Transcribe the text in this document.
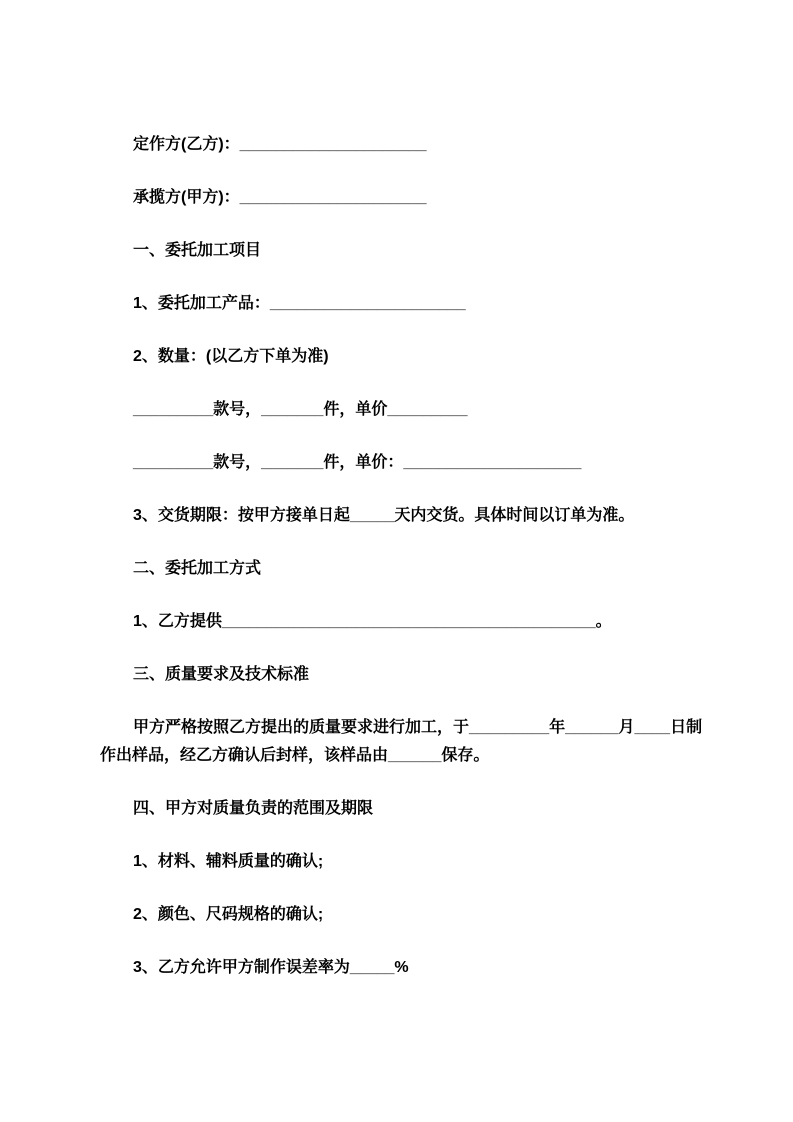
定作方(乙方)：_____________________

承揽方(甲方)：_____________________

一、委托加工项目

1、委托加工产品：______________________

2、数量：(以乙方下单为准)

_________款号，_______件，单价_________

_________款号，_______件，单价：____________________

3、交货期限：按甲方接单日起_____天内交货。具体时间以订单为准。

二、委托加工方式

1、乙方提供__________________________________________。

三、质量要求及技术标准

甲方严格按照乙方提出的质量要求进行加工，于_________年______月____日制
作出样品，经乙方确认后封样，该样品由______保存。

四、甲方对质量负责的范围及期限

1、材料、辅料质量的确认;

2、颜色、尺码规格的确认;

3、乙方允许甲方制作误差率为_____%
